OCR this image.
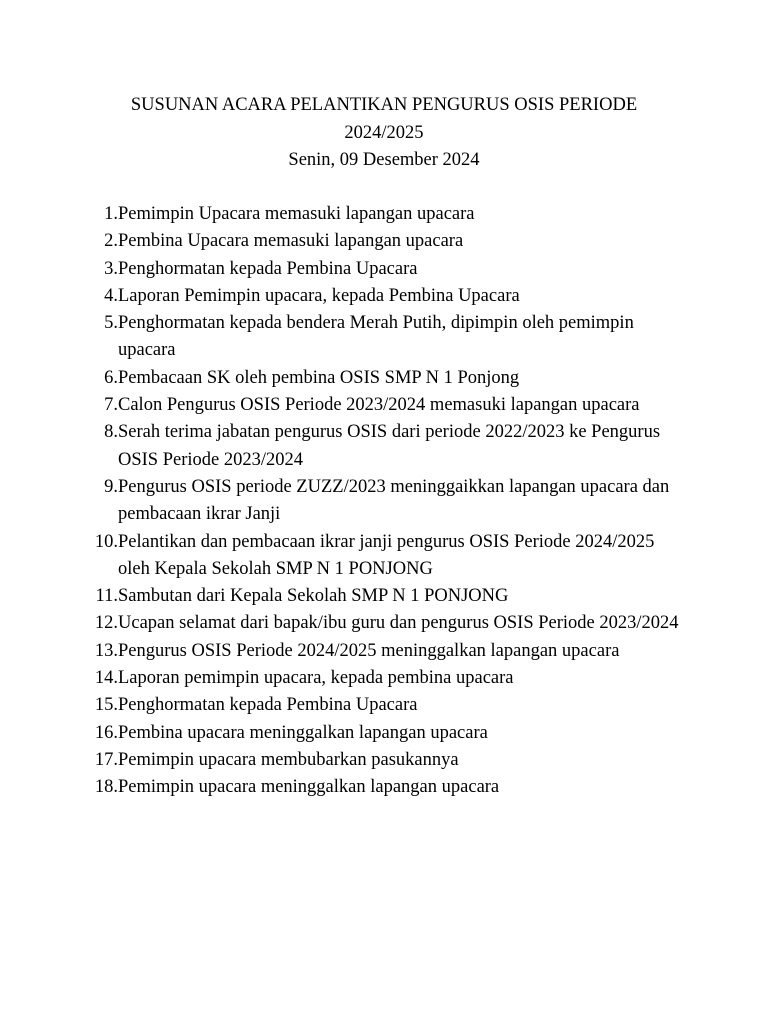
SUSUNAN ACARA PELANTIKAN PENGURUS OSIS PERIODE
2024/2025
Senin, 09 Desember 2024
1. Pemimpin Upacara memasuki lapangan upacara
2. Pembina Upacara memasuki lapangan upacara
3. Penghormatan kepada Pembina Upacara
4. Laporan Pemimpin upacara, kepada Pembina Upacara
5. Penghormatan kepada bendera Merah Putih, dipimpin oleh pemimpin upacara
6. Pembacaan SK oleh pembina OSIS SMP N 1 Ponjong
7. Calon Pengurus OSIS Periode 2023/2024 memasuki lapangan upacara
8. Serah terima jabatan pengurus OSIS dari periode 2022/2023 ke Pengurus OSIS Periode 2023/2024
9. Pengurus OSIS periode ZUZZ/2023 meninggaikkan lapangan upacara dan pembacaan ikrar Janji
10. Pelantikan dan pembacaan ikrar janji pengurus OSIS Periode 2024/2025 oleh Kepala Sekolah SMP N 1 PONJONG
11. Sambutan dari Kepala Sekolah SMP N 1 PONJONG
12. Ucapan selamat dari bapak/ibu guru dan pengurus OSIS Periode 2023/2024
13. Pengurus OSIS Periode 2024/2025 meninggalkan lapangan upacara
14. Laporan pemimpin upacara, kepada pembina upacara
15. Penghormatan kepada Pembina Upacara
16. Pembina upacara meninggalkan lapangan upacara
17. Pemimpin upacara membubarkan pasukannya
18. Pemimpin upacara meninggalkan lapangan upacara
